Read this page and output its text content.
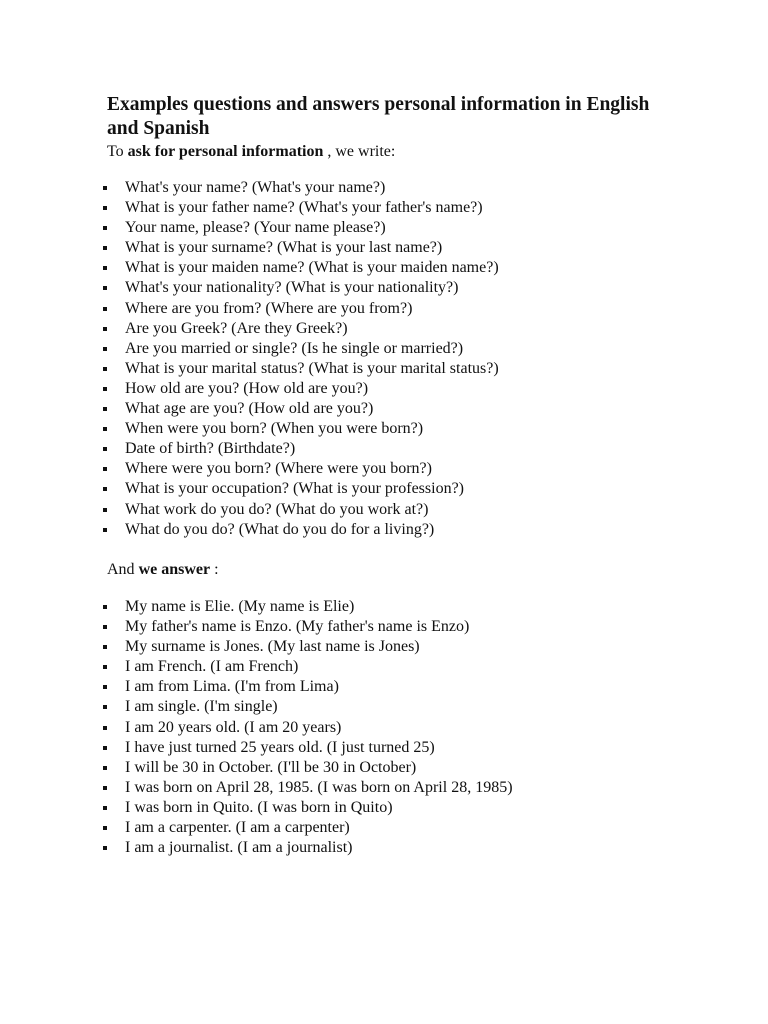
Examples questions and answers personal information in English and Spanish

To ask for personal information , we write:

What's your name? (What's your name?)
What is your father name? (What's your father's name?)
Your name, please? (Your name please?)
What is your surname? (What is your last name?)
What is your maiden name? (What is your maiden name?)
What's your nationality? (What is your nationality?)
Where are you from? (Where are you from?)
Are you Greek? (Are they Greek?)
Are you married or single? (Is he single or married?)
What is your marital status? (What is your marital status?)
How old are you? (How old are you?)
What age are you? (How old are you?)
When were you born? (When you were born?)
Date of birth? (Birthdate?)
Where were you born? (Where were you born?)
What is your occupation? (What is your profession?)
What work do you do? (What do you work at?)
What do you do? (What do you do for a living?)

And we answer :

My name is Elie. (My name is Elie)
My father's name is Enzo. (My father's name is Enzo)
My surname is Jones. (My last name is Jones)
I am French. (I am French)
I am from Lima. (I'm from Lima)
I am single. (I'm single)
I am 20 years old. (I am 20 years)
I have just turned 25 years old. (I just turned 25)
I will be 30 in October. (I'll be 30 in October)
I was born on April 28, 1985. (I was born on April 28, 1985)
I was born in Quito. (I was born in Quito)
I am a carpenter. (I am a carpenter)
I am a journalist. (I am a journalist)
